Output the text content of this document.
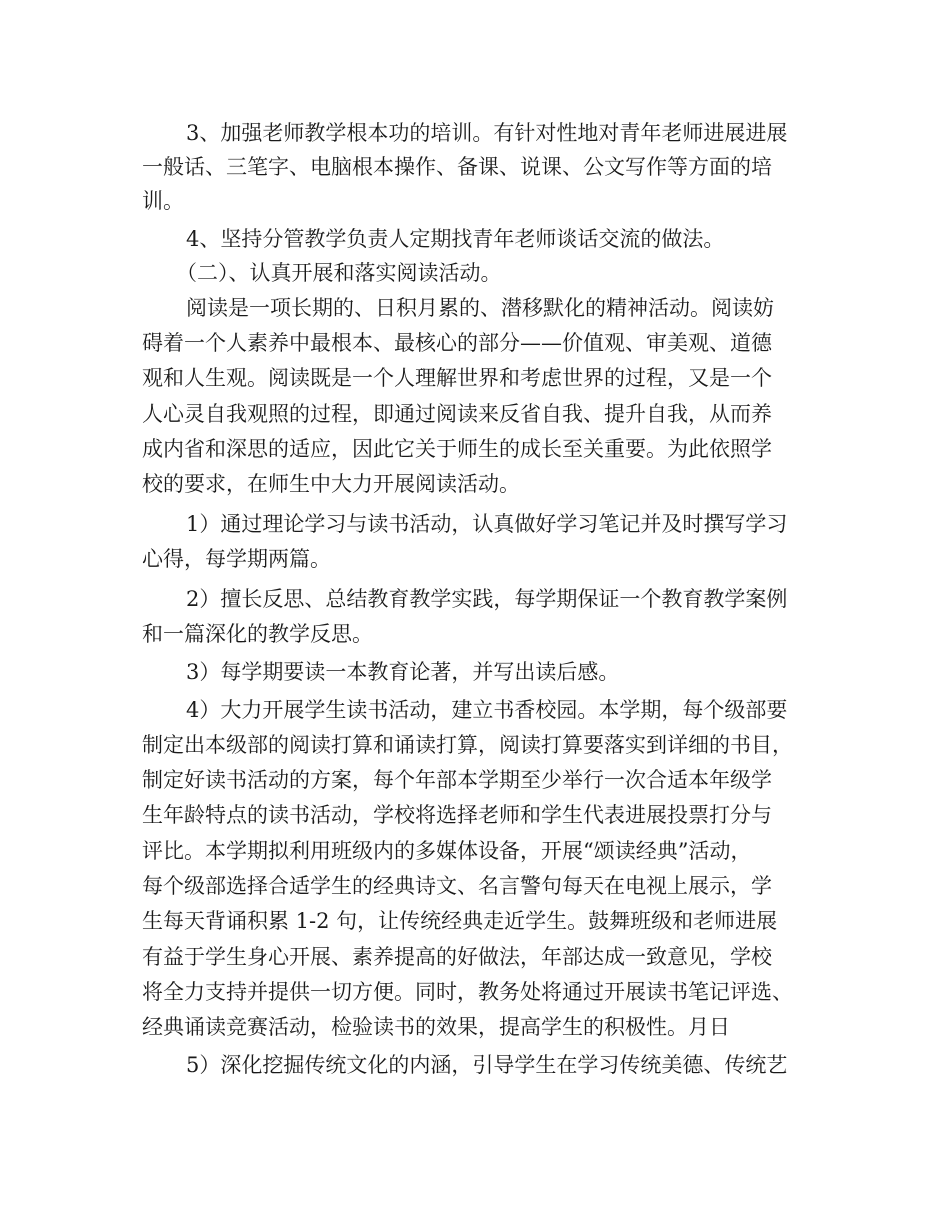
3、加强老师教学根本功的培训。有针对性地对青年老师进展进展
一般话、三笔字、电脑根本操作、备课、说课、公文写作等方面的培
训。
4、坚持分管教学负责人定期找青年老师谈话交流的做法。
（二）、认真开展和落实阅读活动。
阅读是一项长期的、日积月累的、潜移默化的精神活动。阅读妨
碍着一个人素养中最根本、最核心的部分——价值观、审美观、道德
观和人生观。阅读既是一个人理解世界和考虑世界的过程，又是一个
人心灵自我观照的过程，即通过阅读来反省自我、提升自我，从而养
成内省和深思的适应，因此它关于师生的成长至关重要。为此依照学
校的要求，在师生中大力开展阅读活动。
1）通过理论学习与读书活动，认真做好学习笔记并及时撰写学习
心得，每学期两篇。
2）擅长反思、总结教育教学实践，每学期保证一个教育教学案例
和一篇深化的教学反思。
3）每学期要读一本教育论著，并写出读后感。
4）大力开展学生读书活动，建立书香校园。本学期，每个级部要
制定出本级部的阅读打算和诵读打算，阅读打算要落实到详细的书目，
制定好读书活动的方案，每个年部本学期至少举行一次合适本年级学
生年龄特点的读书活动，学校将选择老师和学生代表进展投票打分与
评比。本学期拟利用班级内的多媒体设备，开展“颂读经典”活动，
每个级部选择合适学生的经典诗文、名言警句每天在电视上展示，学
生每天背诵积累 1-2 句，让传统经典走近学生。鼓舞班级和老师进展
有益于学生身心开展、素养提高的好做法，年部达成一致意见，学校
将全力支持并提供一切方便。同时，教务处将通过开展读书笔记评选、
经典诵读竞赛活动，检验读书的效果，提高学生的积极性。月日
5）深化挖掘传统文化的内涵，引导学生在学习传统美德、传统艺
